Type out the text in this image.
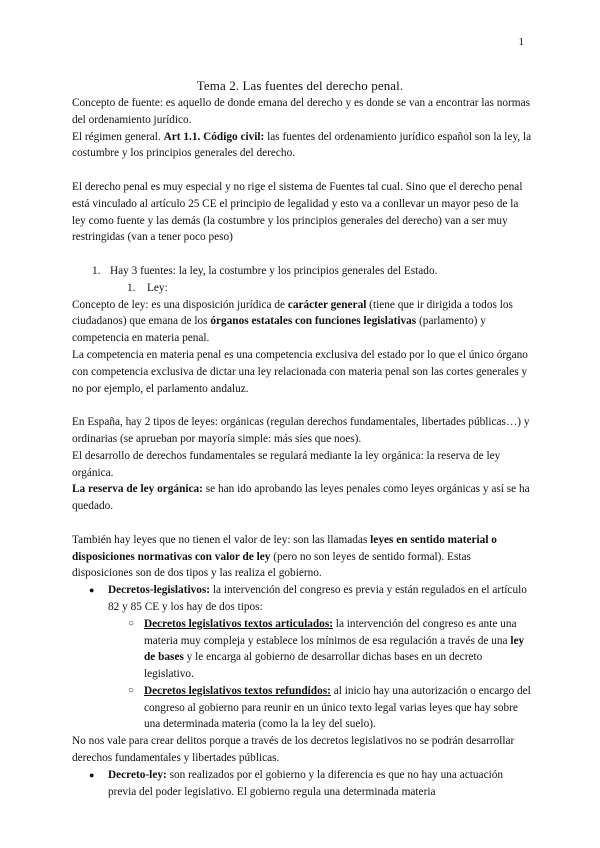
1
Tema 2. Las fuentes del derecho penal.

Concepto de fuente: es aquello de donde emana del derecho y es donde se van a encontrar las normas del ordenamiento jurídico.

El régimen general. Art 1.1. Código civil: las fuentes del ordenamiento jurídico español son la ley, la costumbre y los principios generales del derecho.

El derecho penal es muy especial y no rige el sistema de Fuentes tal cual. Sino que el derecho penal está vinculado al artículo 25 CE el principio de legalidad y esto va a conllevar un mayor peso de la ley como fuente y las demás (la costumbre y los principios generales del derecho) van a ser muy restringidas (van a tener poco peso)

1. Hay 3 fuentes: la ley, la costumbre y los principios generales del Estado.

1. Ley:

Concepto de ley: es una disposición jurídica de carácter general (tiene que ir dirigida a todos los ciudadanos) que emana de los órganos estatales con funciones legislativas (parlamento) y competencia en materia penal.

La competencia en materia penal es una competencia exclusiva del estado por lo que el único órgano con competencia exclusiva de dictar una ley relacionada con materia penal son las cortes generales y no por ejemplo, el parlamento andaluz.

En España, hay 2 tipos de leyes: orgánicas (regulan derechos fundamentales, libertades públicas…) y ordinarias (se aprueban por mayoría simple: más síes que noes).

El desarrollo de derechos fundamentales se regulará mediante la ley orgánica: la reserva de ley orgánica.

La reserva de ley orgánica: se han ido aprobando las leyes penales como leyes orgánicas y así se ha quedado.

También hay leyes que no tienen el valor de ley: son las llamadas leyes en sentido material o disposiciones normativas con valor de ley (pero no son leyes de sentido formal). Estas disposiciones son de dos tipos y las realiza el gobierno.

● Decretos-legislativos: la intervención del congreso es previa y están regulados en el artículo 82 y 85 CE y los hay de dos tipos:

○ Decretos legislativos textos articulados: la intervención del congreso es ante una materia muy compleja y establece los mínimos de esa regulación a través de una ley de bases y le encarga al gobierno de desarrollar dichas bases en un decreto legislativo.

○ Decretos legislativos textos refundidos: al inicio hay una autorización o encargo del congreso al gobierno para reunir en un único texto legal varias leyes que hay sobre una determinada materia (como la la ley del suelo).

No nos vale para crear delitos porque a través de los decretos legislativos no se podrán desarrollar derechos fundamentales y libertades públicas.

● Decreto-ley: son realizados por el gobierno y la diferencia es que no hay una actuación previa del poder legislativo. El gobierno regula una determinada materia
